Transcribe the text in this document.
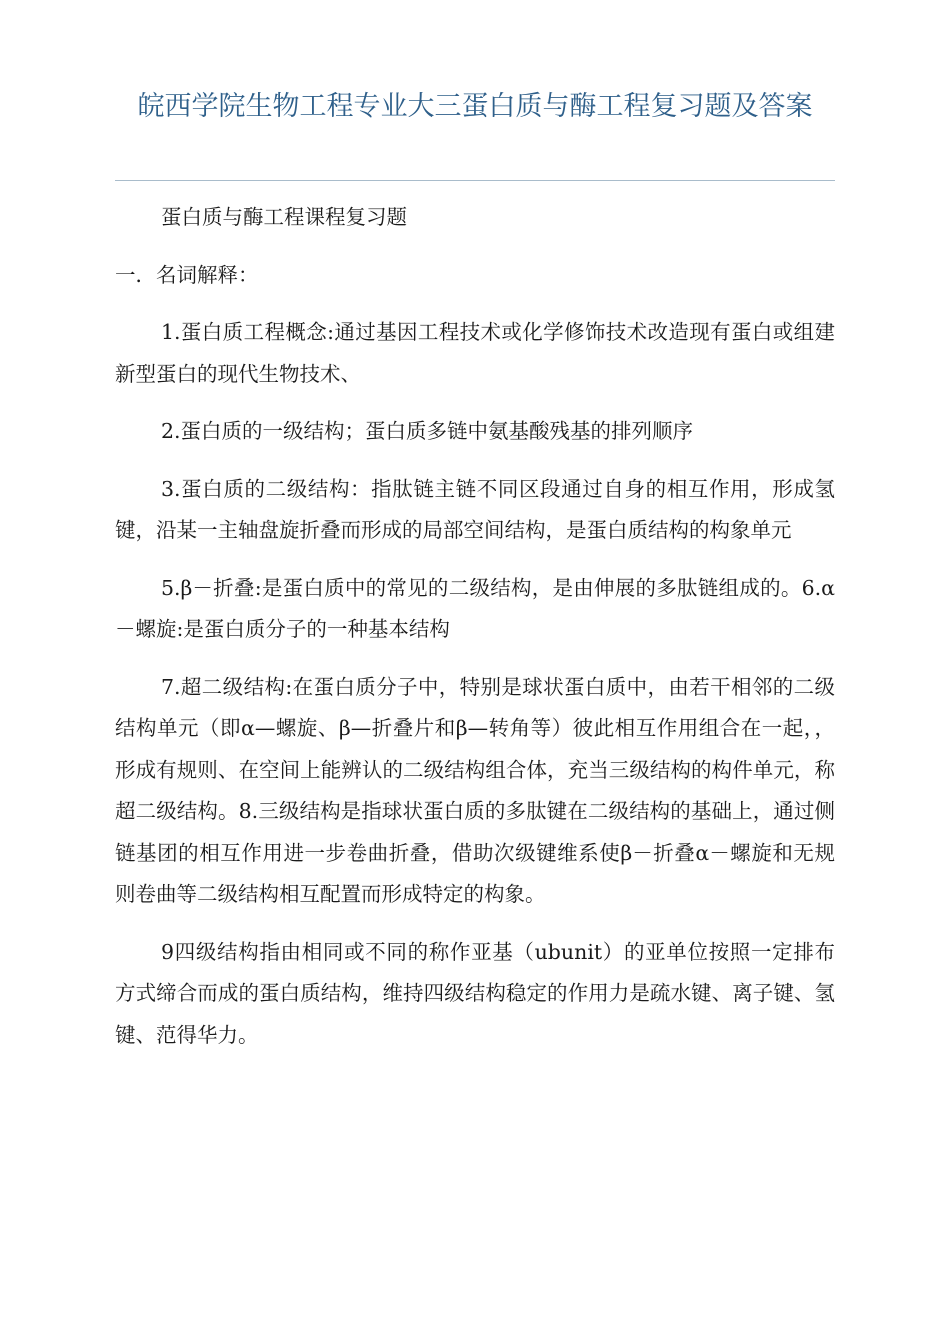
皖西学院生物工程专业大三蛋白质与酶工程复习题及答案

蛋白质与酶工程课程复习题

一．名词解释：

1.蛋白质工程概念:通过基因工程技术或化学修饰技术改造现有蛋白或组建新型蛋白的现代生物技术、

2.蛋白质的一级结构；蛋白质多链中氨基酸残基的排列顺序

3.蛋白质的二级结构：指肽链主链不同区段通过自身的相互作用，形成氢键，沿某一主轴盘旋折叠而形成的局部空间结构，是蛋白质结构的构象单元

5.β－折叠:是蛋白质中的常见的二级结构，是由伸展的多肽链组成的。6.α－螺旋:是蛋白质分子的一种基本结构

7.超二级结构:在蛋白质分子中，特别是球状蛋白质中，由若干相邻的二级结构单元（即α—螺旋、β—折叠片和β—转角等）彼此相互作用组合在一起，，形成有规则、在空间上能辨认的二级结构组合体，充当三级结构的构件单元，称超二级结构。8.三级结构是指球状蛋白质的多肽键在二级结构的基础上，通过侧链基团的相互作用进一步卷曲折叠，借助次级键维系使β－折叠α－螺旋和无规则卷曲等二级结构相互配置而形成特定的构象。

9四级结构指由相同或不同的称作亚基（ubunit）的亚单位按照一定排布方式缔合而成的蛋白质结构，维持四级结构稳定的作用力是疏水键、离子键、氢键、范得华力。
